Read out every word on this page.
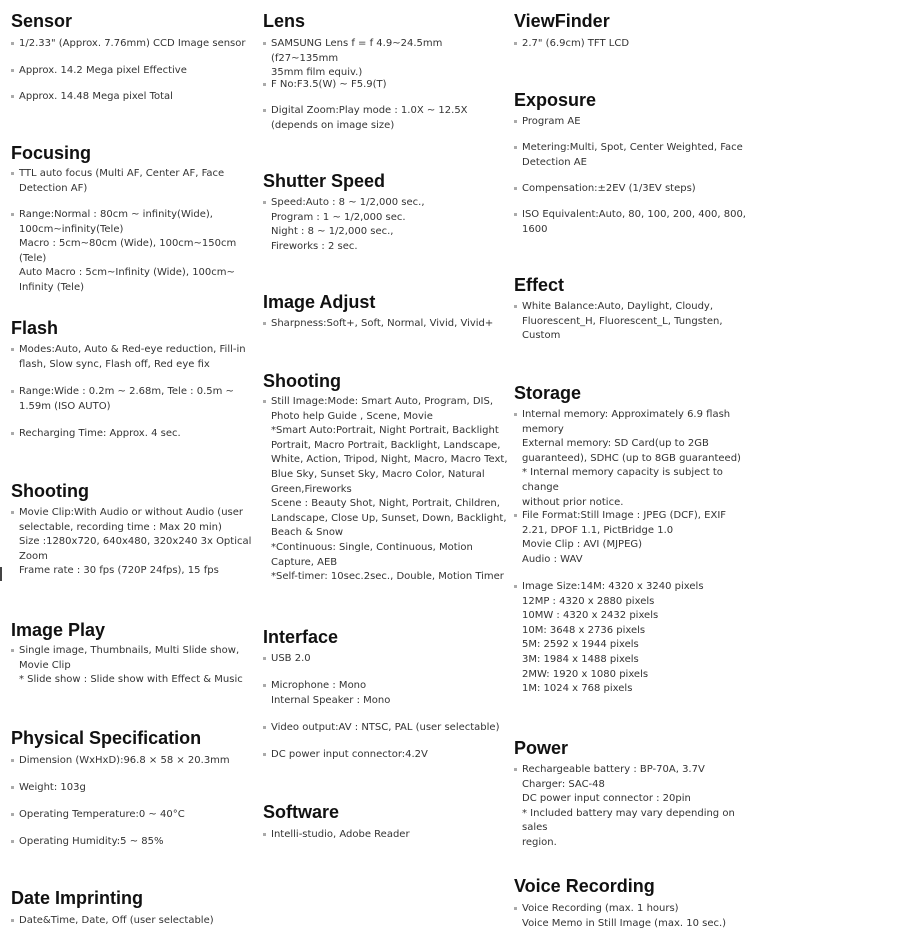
Sensor
1/2.33" (Approx. 7.76mm) CCD Image sensor
Approx. 14.2 Mega pixel Effective
Approx. 14.48 Mega pixel Total
Focusing
TTL auto focus (Multi AF, Center AF, Face
Detection AF)
Range:Normal : 80cm ~ infinity(Wide),
100cm~infinity(Tele)
Macro : 5cm~80cm (Wide), 100cm~150cm (Tele)
Auto Macro : 5cm~Infinity (Wide), 100cm~
Infinity (Tele)
Flash
Modes:Auto, Auto & Red-eye reduction, Fill-in
flash, Slow sync, Flash off, Red eye fix
Range:Wide : 0.2m ~ 2.68m, Tele : 0.5m ~
1.59m (ISO AUTO)
Recharging Time: Approx. 4 sec.
Shooting
Movie Clip:With Audio or without Audio (user
selectable, recording time : Max 20 min)
Size :1280x720, 640x480, 320x240 3x Optical
Zoom
Frame rate : 30 fps (720P 24fps), 15 fps
Image Play
Single image, Thumbnails, Multi Slide show,
Movie Clip
* Slide show : Slide show with Effect & Music
Physical Specification
Dimension (WxHxD):96.8 × 58 × 20.3mm
Weight: 103g
Operating Temperature:0 ~ 40°C
Operating Humidity:5 ~ 85%
Date Imprinting
Date&Time, Date, Off (user selectable)
Lens
SAMSUNG Lens f = f 4.9~24.5mm (f27~135mm
35mm film equiv.)
F No:F3.5(W) ~ F5.9(T)
Digital Zoom:Play mode : 1.0X ~ 12.5X
(depends on image size)
Shutter Speed
Speed:Auto : 8 ~ 1/2,000 sec.,
Program : 1 ~ 1/2,000 sec.
Night : 8 ~ 1/2,000 sec.,
Fireworks : 2 sec.
Image Adjust
Sharpness:Soft+, Soft, Normal, Vivid, Vivid+
Shooting
Still Image:Mode: Smart Auto, Program, DIS,
Photo help Guide , Scene, Movie
*Smart Auto:Portrait, Night Portrait, Backlight
Portrait, Macro Portrait, Backlight, Landscape,
White, Action, Tripod, Night, Macro, Macro Text,
Blue Sky, Sunset Sky, Macro Color, Natural
Green,Fireworks
Scene : Beauty Shot, Night, Portrait, Children,
Landscape, Close Up, Sunset, Down, Backlight,
Beach & Snow
*Continuous: Single, Continuous, Motion
Capture, AEB
*Self-timer: 10sec.2sec., Double, Motion Timer
Interface
USB 2.0
Microphone : Mono
Internal Speaker : Mono
Video output:AV : NTSC, PAL (user selectable)
DC power input connector:4.2V
Software
Intelli-studio, Adobe Reader
ViewFinder
2.7" (6.9cm) TFT LCD
Exposure
Program AE
Metering:Multi, Spot, Center Weighted, Face
Detection AE
Compensation:±2EV (1/3EV steps)
ISO Equivalent:Auto, 80, 100, 200, 400, 800,
1600
Effect
White Balance:Auto, Daylight, Cloudy,
Fluorescent_H, Fluorescent_L, Tungsten,
Custom
Storage
Internal memory: Approximately 6.9 flash
memory
External memory: SD Card(up to 2GB
guaranteed), SDHC (up to 8GB guaranteed)
* Internal memory capacity is subject to change
without prior notice.
File Format:Still Image : JPEG (DCF), EXIF
2.21, DPOF 1.1, PictBridge 1.0
Movie Clip : AVI (MJPEG)
Audio : WAV
Image Size:14M: 4320 x 3240 pixels
12MP : 4320 x 2880 pixels
10MW : 4320 x 2432 pixels
10M: 3648 x 2736 pixels
5M: 2592 x 1944 pixels
3M: 1984 x 1488 pixels
2MW: 1920 x 1080 pixels
1M: 1024 x 768 pixels
Power
Rechargeable battery : BP-70A, 3.7V
Charger: SAC-48
DC power input connector : 20pin
* Included battery may vary depending on sales
region.
Voice Recording
Voice Recording (max. 1 hours)
Voice Memo in Still Image (max. 10 sec.)
